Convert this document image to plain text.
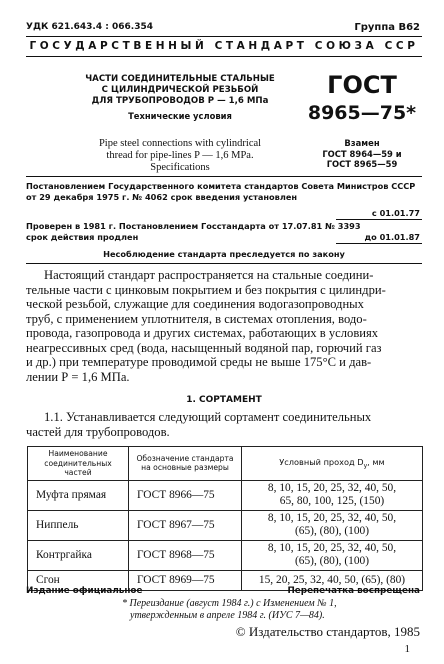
УДК 621.643.4 : 066.354	Группа В62
ГОСУДАРСТВЕННЫЙ СТАНДАРТ СОЮЗА ССР
ЧАСТИ СОЕДИНИТЕЛЬНЫЕ СТАЛЬНЫЕ
С ЦИЛИНДРИЧЕСКОЙ РЕЗЬБОЙ
ДЛЯ ТРУБОПРОВОДОВ Р — 1,6 МПа
Технические условия
Pipe steel connections with cylindrical
thread for pipe-lines P — 1,6 MPa.
Specifications
ГОСТ
8965—75*
Взамен
ГОСТ 8964—59 и
ГОСТ 8965—59
Постановлением Государственного комитета стандартов Совета Министров СССР
от 29 декабря 1975 г. № 4062 срок введения установлен
с 01.01.77
Проверен в 1981 г. Постановлением Госстандарта от 17.07.81 № 3393
срок действия продлен	до 01.01.87
Несоблюдение стандарта преследуется по закону
Настоящий стандарт распространяется на стальные соедини-
тельные части с цинковым покрытием и без покрытия с цилиндри-
ческой резьбой, служащие для соединения водогазопроводных
труб, с применением уплотнителя, в системах отопления, водо-
провода, газопровода и других системах, работающих в условиях
неагрессивных сред (вода, насыщенный водяной пар, горючий газ
и др.) при температуре проводимой среды не выше 175°С и дав-
лении Р = 1,6 МПа.
1. СОРТАМЕНТ
1.1. Устанавливается следующий сортамент соединительных
частей для трубопроводов.
Наименование соединительных частей	Обозначение стандарта на основные размеры	Условный проход $D_у$, мм
Муфта прямая	ГОСТ 8966—75	8, 10, 15, 20, 25, 32, 40, 50,
65, 80, 100, 125, (150)

Ниппель	ГОСТ 8967—75	8, 10, 15, 20, 25, 32, 40, 50,
(65), (80), (100)

Контргайка	ГОСТ 8968—75	8, 10, 15, 20, 25, 32, 40, 50,
(65), (80), (100)

Сгон	ГОСТ 8969—75	15, 20, 25, 32, 40, 50, (65), (80)
Издание официальное	Перепечатка воспрещена
* Переиздание (август 1984 г.) с Изменением № 1,
утвержденным в апреле 1984 г. (ИУС 7—84).
© Издательство стандартов, 1985
1
